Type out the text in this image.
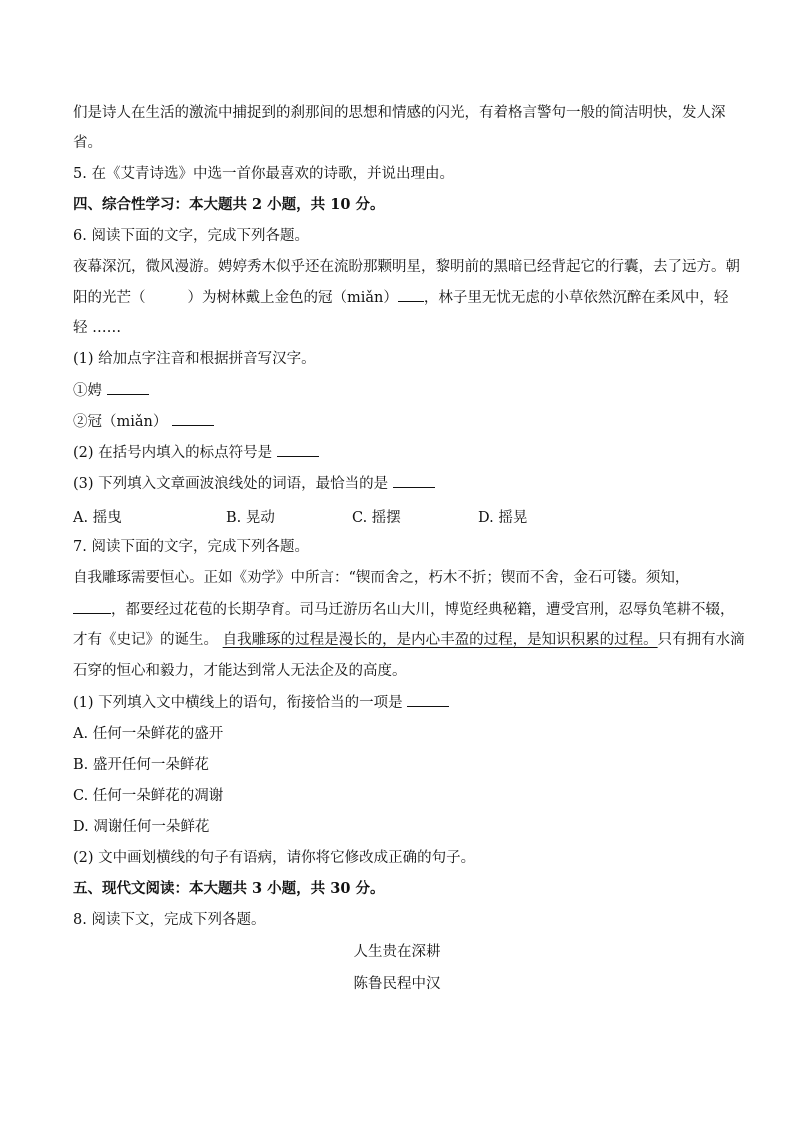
们是诗人在生活的激流中捕捉到的刹那间的思想和情感的闪光，有着格言警句一般的简洁明快，发人深
省。
5. 在《艾青诗选》中选一首你最喜欢的诗歌，并说出理由。
四、综合性学习：本大题共 2 小题，共 10 分。
6. 阅读下面的文字，完成下列各题。
夜幕深沉，微风漫游。娉婷秀木似乎还在流盼那颗明星，黎明前的黑暗已经背起它的行囊，去了远方。朝
阳的光芒（	）为树林戴上金色的冠（miǎn） ，林子里无忧无虑的小草依然沉醉在柔风中，轻
轻 ……
(1) 给加点字注音和根据拼音写汉字。
①娉
②冠（miǎn）
(2) 在括号内填入的标点符号是
(3) 下列填入文章画波浪线处的词语，最恰当的是
A. 摇曳	B. 晃动	C. 摇摆	D. 摇晃
7. 阅读下面的文字，完成下列各题。
自我雕琢需要恒心。正如《劝学》中所言：“锲而舍之，朽木不折；锲而不舍，金石可镂。须知，
，都要经过花苞的长期孕育。司马迁游历名山大川，博览经典秘籍，遭受宫刑，忍辱负笔耕不辍，
才有《史记》的诞生。 自我雕琢的过程是漫长的，是内心丰盈的过程，是知识积累的过程。只有拥有水滴
石穿的恒心和毅力，才能达到常人无法企及的高度。
(1) 下列填入文中横线上的语句，衔接恰当的一项是
A. 任何一朵鲜花的盛开
B. 盛开任何一朵鲜花
C. 任何一朵鲜花的凋谢
D. 凋谢任何一朵鲜花
(2) 文中画划横线的句子有语病，请你将它修改成正确的句子。
五、现代文阅读：本大题共 3 小题，共 30 分。
8. 阅读下文，完成下列各题。
人生贵在深耕
陈鲁民程中汉
